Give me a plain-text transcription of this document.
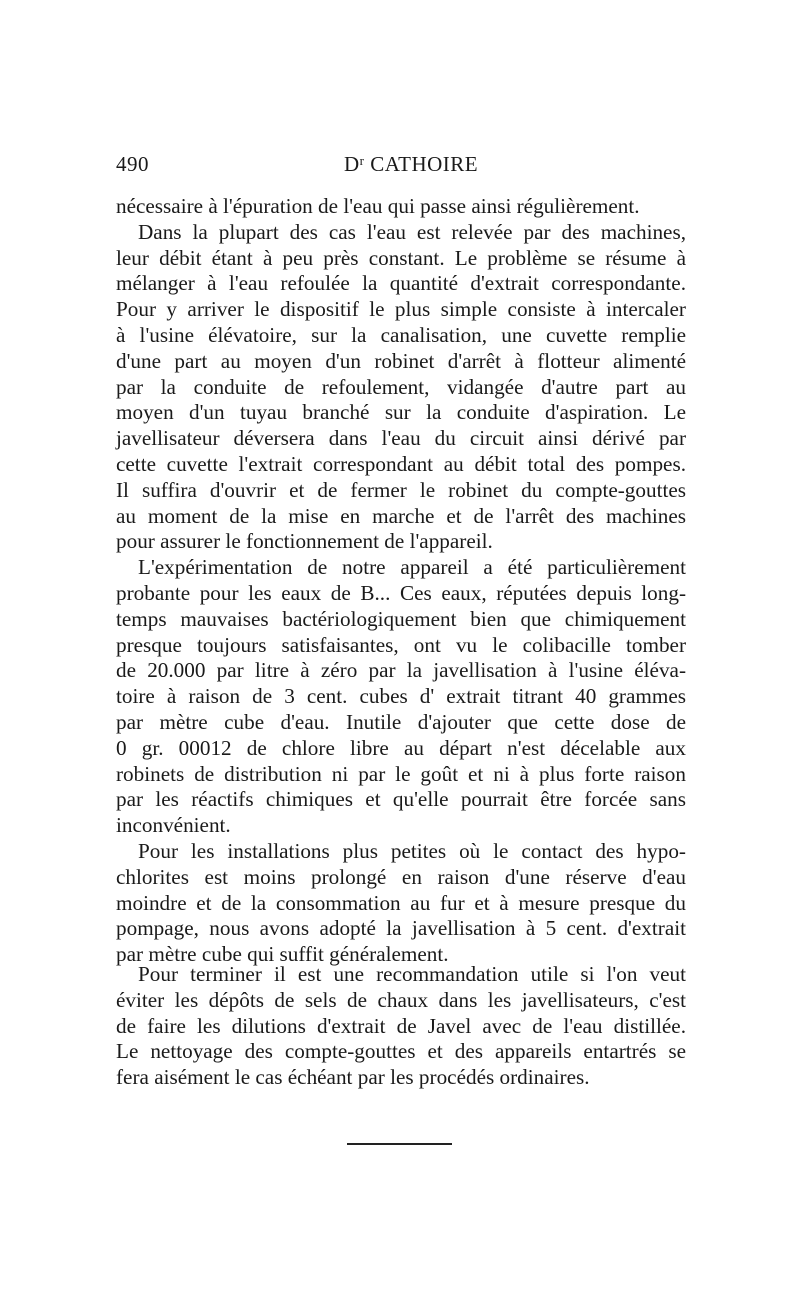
490	$D^r$ CATHOIRE
nécessaire à l'épuration de l'eau qui passe ainsi régulièrement.
Dans la plupart des cas l'eau est relevée par des machines,
leur débit étant à peu près constant. Le problème se résume à
mélanger à l'eau refoulée la quantité d'extrait correspondante.
Pour y arriver le dispositif le plus simple consiste à intercaler
à l'usine élévatoire, sur la canalisation, une cuvette remplie
d'une part au moyen d'un robinet d'arrêt à flotteur alimenté
par la conduite de refoulement, vidangée d'autre part au
moyen d'un tuyau branché sur la conduite d'aspiration. Le
javellisateur déversera dans l'eau du circuit ainsi dérivé par
cette cuvette l'extrait correspondant au débit total des pompes.
Il suffira d'ouvrir et de fermer le robinet du compte-gouttes
au moment de la mise en marche et de l'arrêt des machines
pour assurer le fonctionnement de l'appareil.
L'expérimentation de notre appareil a été particulièrement
probante pour les eaux de B... Ces eaux, réputées depuis long-
temps mauvaises bactériologiquement bien que chimiquement
presque toujours satisfaisantes, ont vu le colibacille tomber
de 20.000 par litre à zéro par la javellisation à l'usine éléva-
toire à raison de 3 cent. cubes d' extrait titrant 40 grammes
par mètre cube d'eau. Inutile d'ajouter que cette dose de
0 gr. 00012 de chlore libre au départ n'est décelable aux
robinets de distribution ni par le goût et ni à plus forte raison
par les réactifs chimiques et qu'elle pourrait être forcée sans
inconvénient.
Pour les installations plus petites où le contact des hypo-
chlorites est moins prolongé en raison d'une réserve d'eau
moindre et de la consommation au fur et à mesure presque du
pompage, nous avons adopté la javellisation à 5 cent. d'extrait
par mètre cube qui suffit généralement.
Pour terminer il est une recommandation utile si l'on veut
éviter les dépôts de sels de chaux dans les javellisateurs, c'est
de faire les dilutions d'extrait de Javel avec de l'eau distillée.
Le nettoyage des compte-gouttes et des appareils entartrés se
fera aisément le cas échéant par les procédés ordinaires.
